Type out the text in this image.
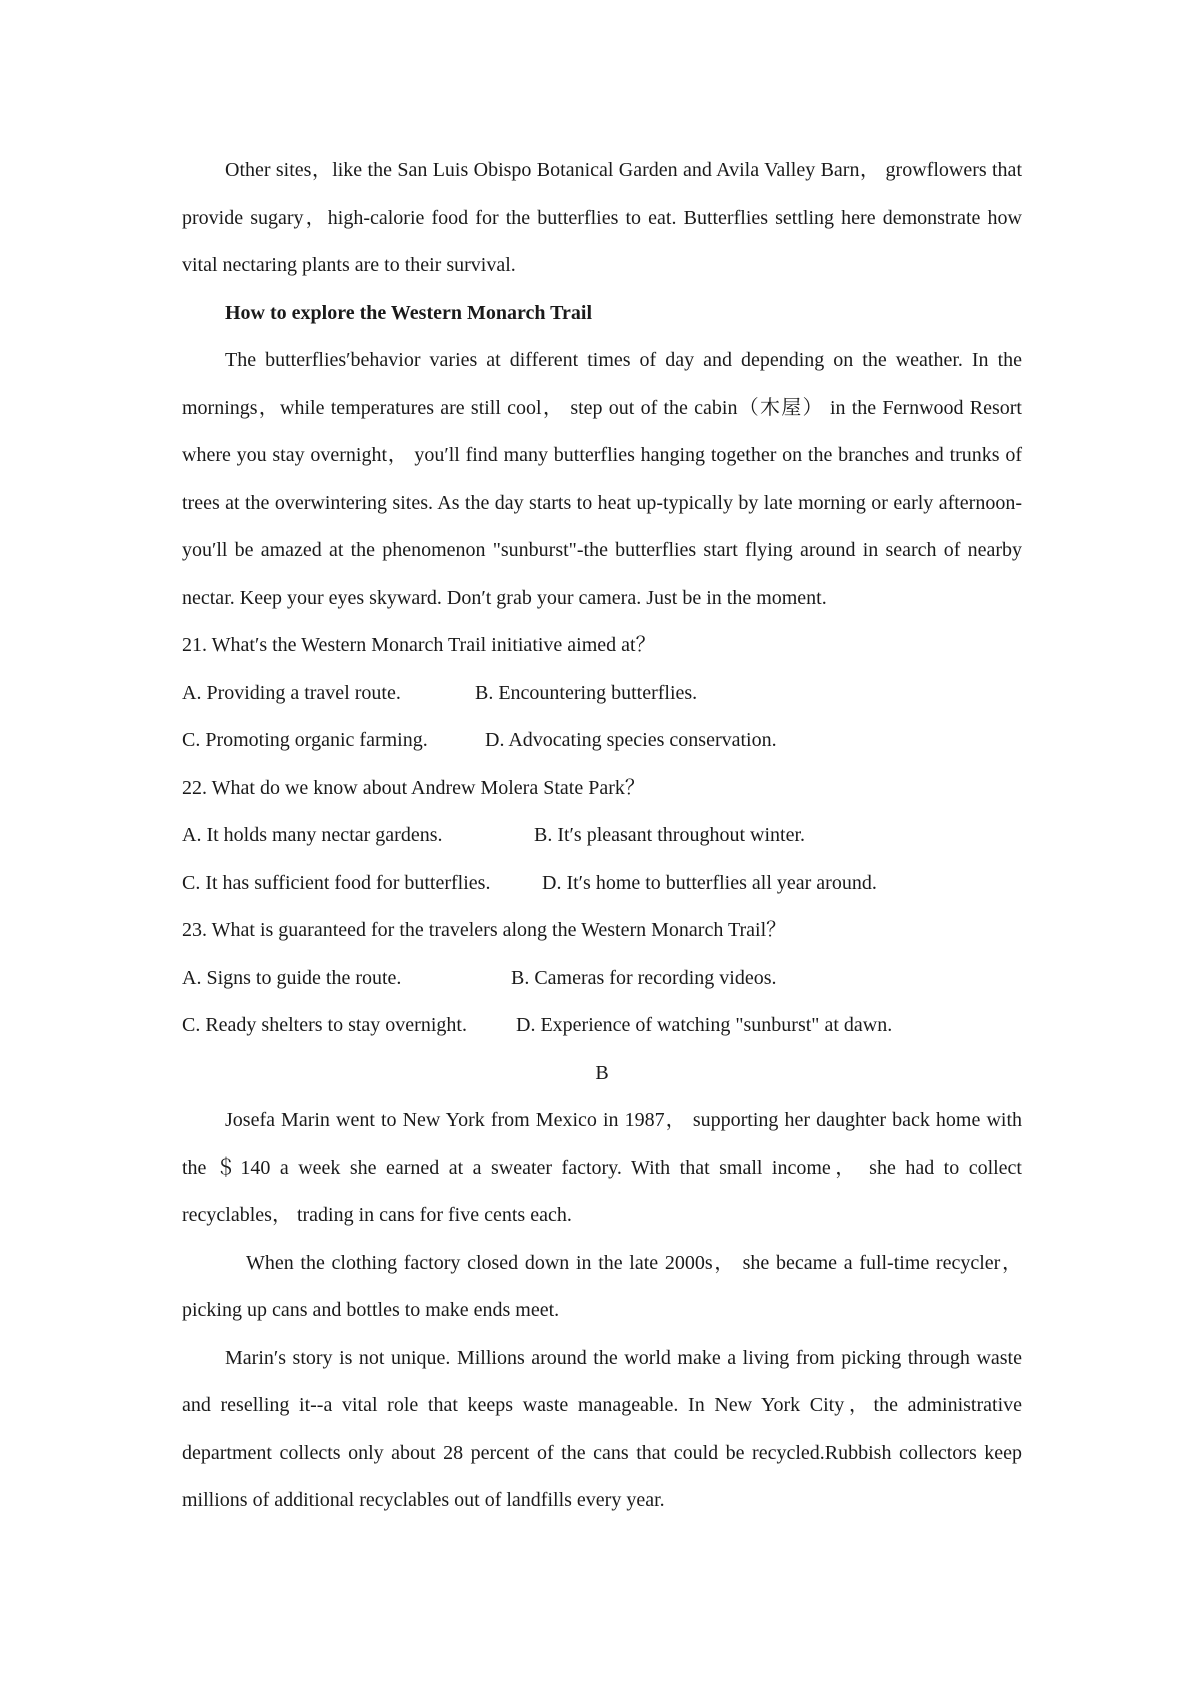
Other sites，like the San Luis Obispo Botanical Garden and Avila Valley Barn， growflowers that provide sugary，high-calorie food for the butterflies to eat. Butterflies settling here demonstrate how vital nectaring plants are to their survival.

How to explore the Western Monarch Trail

The butterflies′behavior varies at different times of day and depending on the weather. In the mornings，while temperatures are still cool， step out of the cabin（木屋） in the Fernwood Resort where you stay overnight， you′ll find many butterflies hanging together on the branches and trunks of trees at the overwintering sites. As the day starts to heat up-typically by late morning or early afternoon-you′ll be amazed at the phenomenon "sunburst"-the butterflies start flying around in search of nearby nectar. Keep your eyes skyward. Don′t grab your camera. Just be in the moment.

21. What′s the Western Monarch Trail initiative aimed at？

A. Providing a travel route.	B. Encountering butterflies.
C. Promoting organic farming.	D. Advocating species conservation.

22. What do we know about Andrew Molera State Park？

A. It holds many nectar gardens.	B. It′s pleasant throughout winter.
C. It has sufficient food for butterflies.	D. It′s home to butterflies all year around.

23. What is guaranteed for the travelers along the Western Monarch Trail？

A. Signs to guide the route.	B. Cameras for recording videos.
C. Ready shelters to stay overnight.	D. Experience of watching "sunburst" at dawn.

B

Josefa Marin went to New York from Mexico in 1987， supporting her daughter back home with the ＄140 a week she earned at a sweater factory. With that small income， she had to collect recyclables， trading in cans for five cents each.

When the clothing factory closed down in the late 2000s， she became a full-time recycler，picking up cans and bottles to make ends meet.

Marin′s story is not unique. Millions around the world make a living from picking through waste and reselling it--a vital role that keeps waste manageable. In New York City，the administrative department collects only about 28 percent of the cans that could be recycled.Rubbish collectors keep millions of additional recyclables out of landfills every year.
